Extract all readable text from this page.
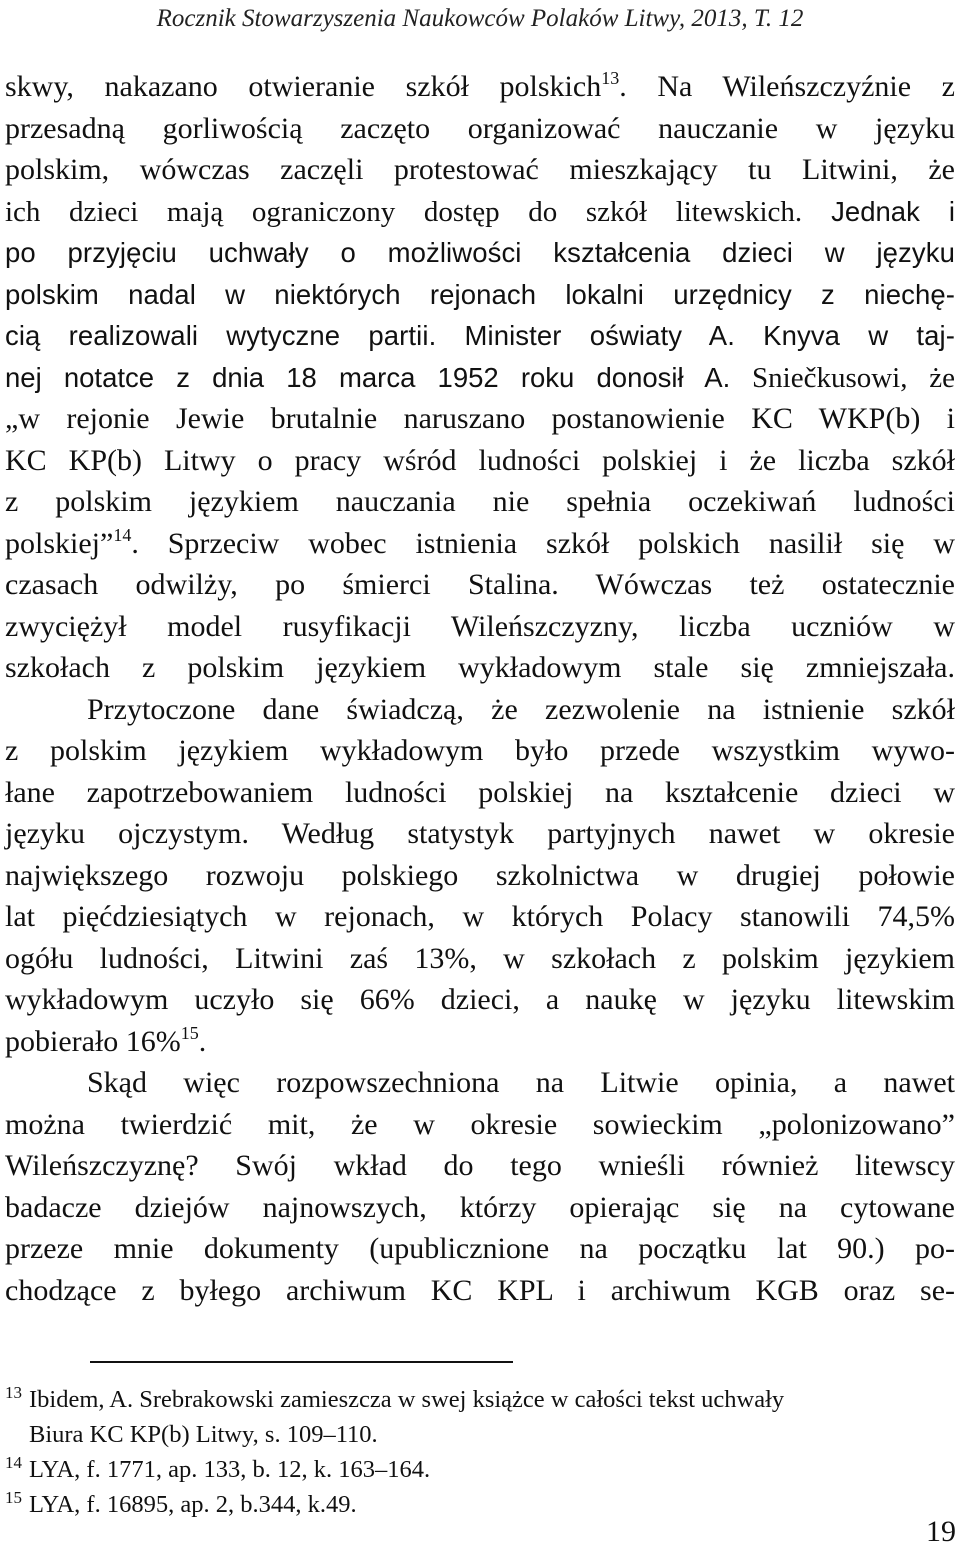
Rocznik Stowarzyszenia Naukowców Polaków Litwy, 2013, T. 12
skwy, nakazano otwieranie szkół polskich$^{13}$. Na Wileńszczyźnie z
przesadną gorliwością zaczęto organizować nauczanie w języku
polskim, wówczas zaczęli protestować mieszkający tu Litwini, że
ich dzieci mają ograniczony dostęp do szkół litewskich. Jednak i
po przyjęciu uchwały o możliwości kształcenia dzieci w języku
polskim nadal w niektórych rejonach lokalni urzędnicy z niechę-
cią realizowali wytyczne partii. Minister oświaty A. Knyva w taj-
nej notatce z dnia 18 marca 1952 roku donosił A. Sniečkusowi, że
„w rejonie Jewie brutalnie naruszano postanowienie KC WKP(b) i
KC KP(b) Litwy o pracy wśród ludności polskiej i że liczba szkół
z polskim językiem nauczania nie spełnia oczekiwań ludności
polskiej”$^{14}$. Sprzeciw wobec istnienia szkół polskich nasilił się w
czasach odwilży, po śmierci Stalina. Wówczas też ostatecznie
zwyciężył model rusyfikacji Wileńszczyzny, liczba uczniów w
szkołach z polskim językiem wykładowym stale się zmniejszała.
Przytoczone dane świadczą, że zezwolenie na istnienie szkół
z polskim językiem wykładowym było przede wszystkim wywo-
łane zapotrzebowaniem ludności polskiej na kształcenie dzieci w
języku ojczystym. Według statystyk partyjnych nawet w okresie
największego rozwoju polskiego szkolnictwa w drugiej połowie
lat pięćdziesiątych w rejonach, w których Polacy stanowili 74,5%
ogółu ludności, Litwini zaś 13%, w szkołach z polskim językiem
wykładowym uczyło się 66% dzieci, a naukę w języku litewskim
pobierało 16%$^{15}$.
Skąd więc rozpowszechniona na Litwie opinia, a nawet
można twierdzić mit, że w okresie sowieckim „polonizowano”
Wileńszczyznę? Swój wkład do tego wnieśli również litewscy
badacze dziejów najnowszych, którzy opierając się na cytowane
przeze mnie dokumenty (upublicznione na początku lat 90.) po-
chodzące z byłego archiwum KC KPL i archiwum KGB oraz se-
13 Ibidem, A. Srebrakowski zamieszcza w swej książce w całości tekst uchwały
Biura KC KP(b) Litwy, s. 109–110.
14 LYA, f. 1771, ap. 133, b. 12, k. 163–164.
15 LYA, f. 16895, ap. 2, b.344, k.49.
19
